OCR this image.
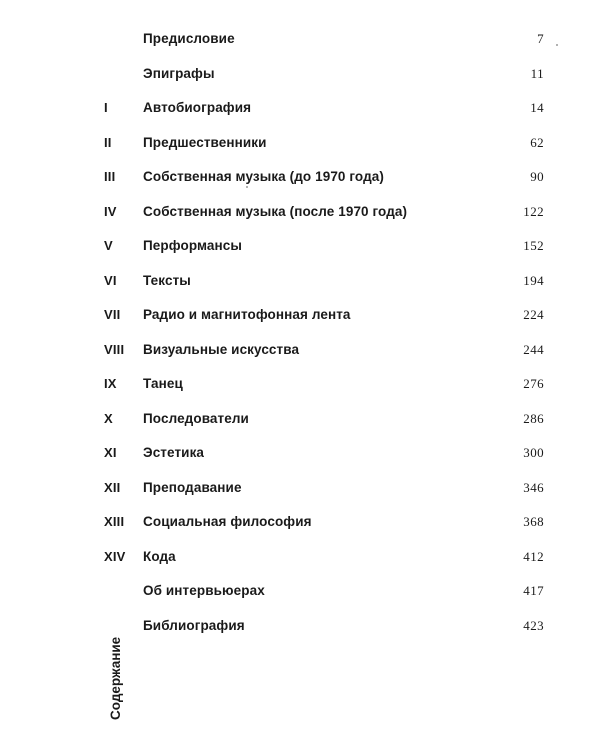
Предисловие	7
Эпиграфы	11
I	Автобиография	14
II Предшественники	62
III Собственная музыка (до 1970 года)	90
IV Собственная музыка (после 1970 года)	122
V Перформансы	152
VI Тексты	194
VII Радио и магнитофонная лента	224
VIII Визуальные искусства	244
IX Танец	276
X Последователи	286
XI Эстетика	300
XII Преподавание	346
XIII Социальная философия	368
XIV Кода	412
Об интервьюерах	417
Библиография	423
Содержание
